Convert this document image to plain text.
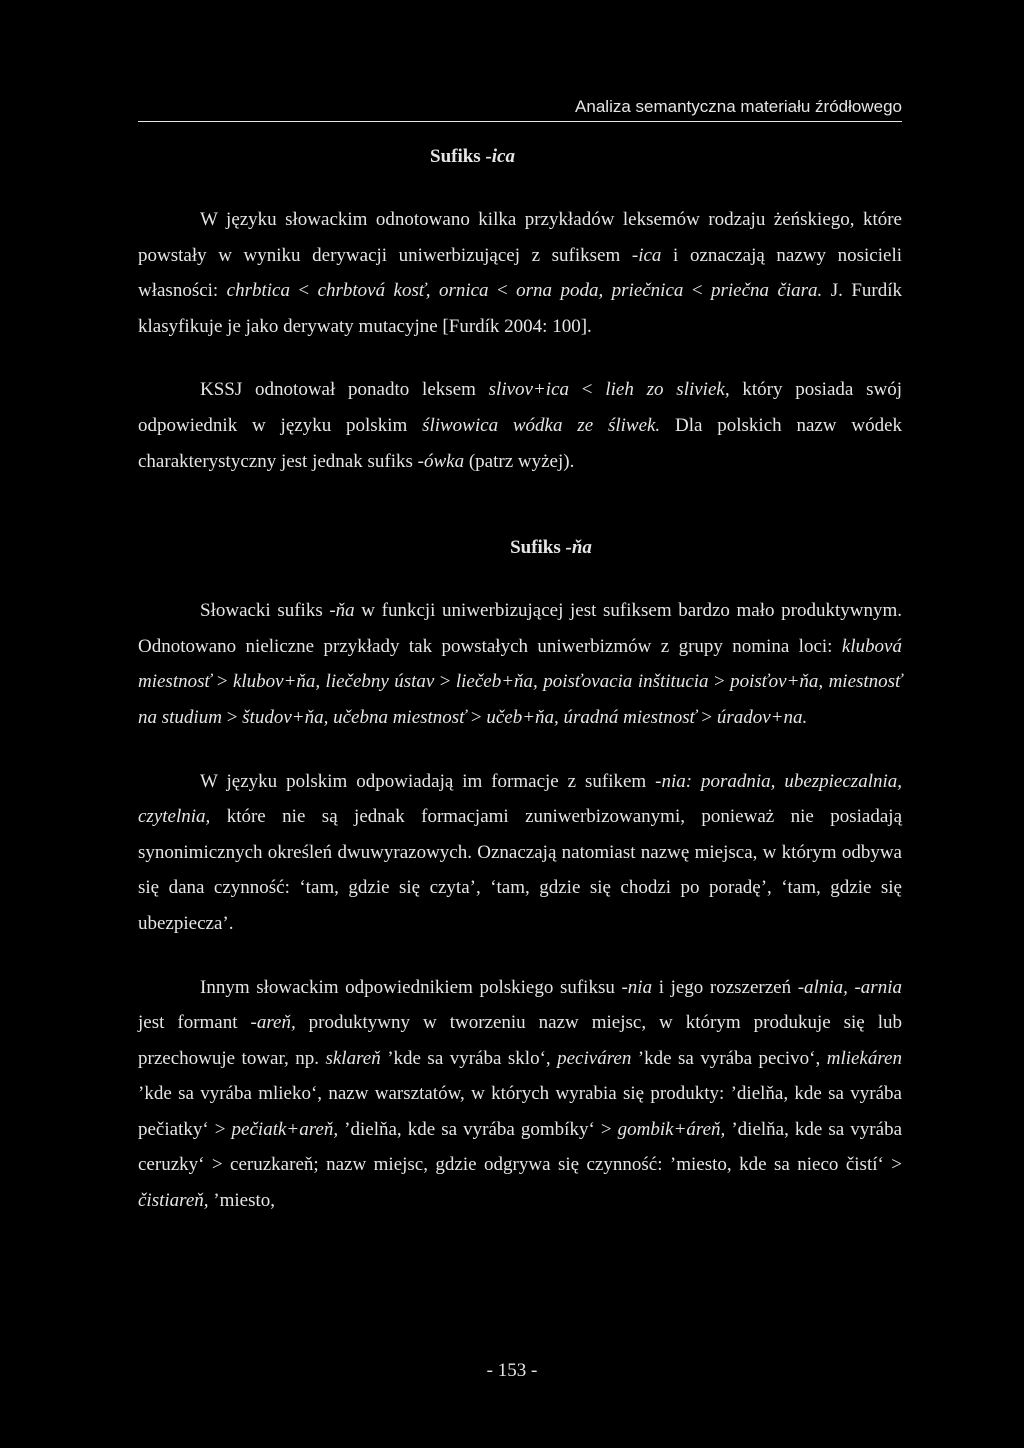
Analiza semantyczna materiału źródłowego
Sufiks -ica

W języku słowackim odnotowano kilka przykładów leksemów rodzaju żeńskiego, które powstały w wyniku derywacji uniwerbizującej z sufiksem -ica i oznaczają nazwy nosicieli własności: chrbtica < chrbtová kosť, ornica < orna poda, priečnica < priečna čiara. J. Furdík klasyfikuje je jako derywaty mutacyjne [Furdík 2004: 100].

KSSJ odnotował ponadto leksem slivov+ica < lieh zo sliviek, który posiada swój odpowiednik w języku polskim śliwowica wódka ze śliwek. Dla polskich nazw wódek charakterystyczny jest jednak sufiks -ówka (patrz wyżej).

Sufiks -ňa

Słowacki sufiks -ňa w funkcji uniwerbizującej jest sufiksem bardzo mało produktywnym. Odnotowano nieliczne przykłady tak powstałych uniwerbizmów z grupy nomina loci: klubová miestnosť > klubov+ňa, liečebny ústav > liečeb+ňa, poisťovacia inštitucia > poisťov+ňa, miestnosť na studium > študov+ňa, učebna miestnosť > učeb+ňa, úradná miestnosť > úradov+na.

W języku polskim odpowiadają im formacje z sufikem -nia: poradnia, ubezpieczalnia, czytelnia, które nie są jednak formacjami zuniwerbizowanymi, ponieważ nie posiadają synonimicznych określeń dwuwyrazowych. Oznaczają natomiast nazwę miejsca, w którym odbywa się dana czynność: ‘tam, gdzie się czyta’, ‘tam, gdzie się chodzi po poradę’, ‘tam, gdzie się ubezpiecza’.

Innym słowackim odpowiednikiem polskiego sufiksu -nia i jego rozszerzeń -alnia, -arnia jest formant -areň, produktywny w tworzeniu nazw miejsc, w którym produkuje się lub przechowuje towar, np. sklareň ’kde sa vyrába sklo‘, peciváren ’kde sa vyrába pecivo‘, mliekáren ’kde sa vyrába mlieko‘, nazw warsztatów, w których wyrabia się produkty: ’dielňa, kde sa vyrába pečiatky‘ > pečiatk+areň, ’dielňa, kde sa vyrába gombíky‘ > gombik+áreň, ’dielňa, kde sa vyrába ceruzky‘ > ceruzkareň; nazw miejsc, gdzie odgrywa się czynność: ’miesto, kde sa nieco čistí‘ > čistiareň, ’miesto,

- 153 -
